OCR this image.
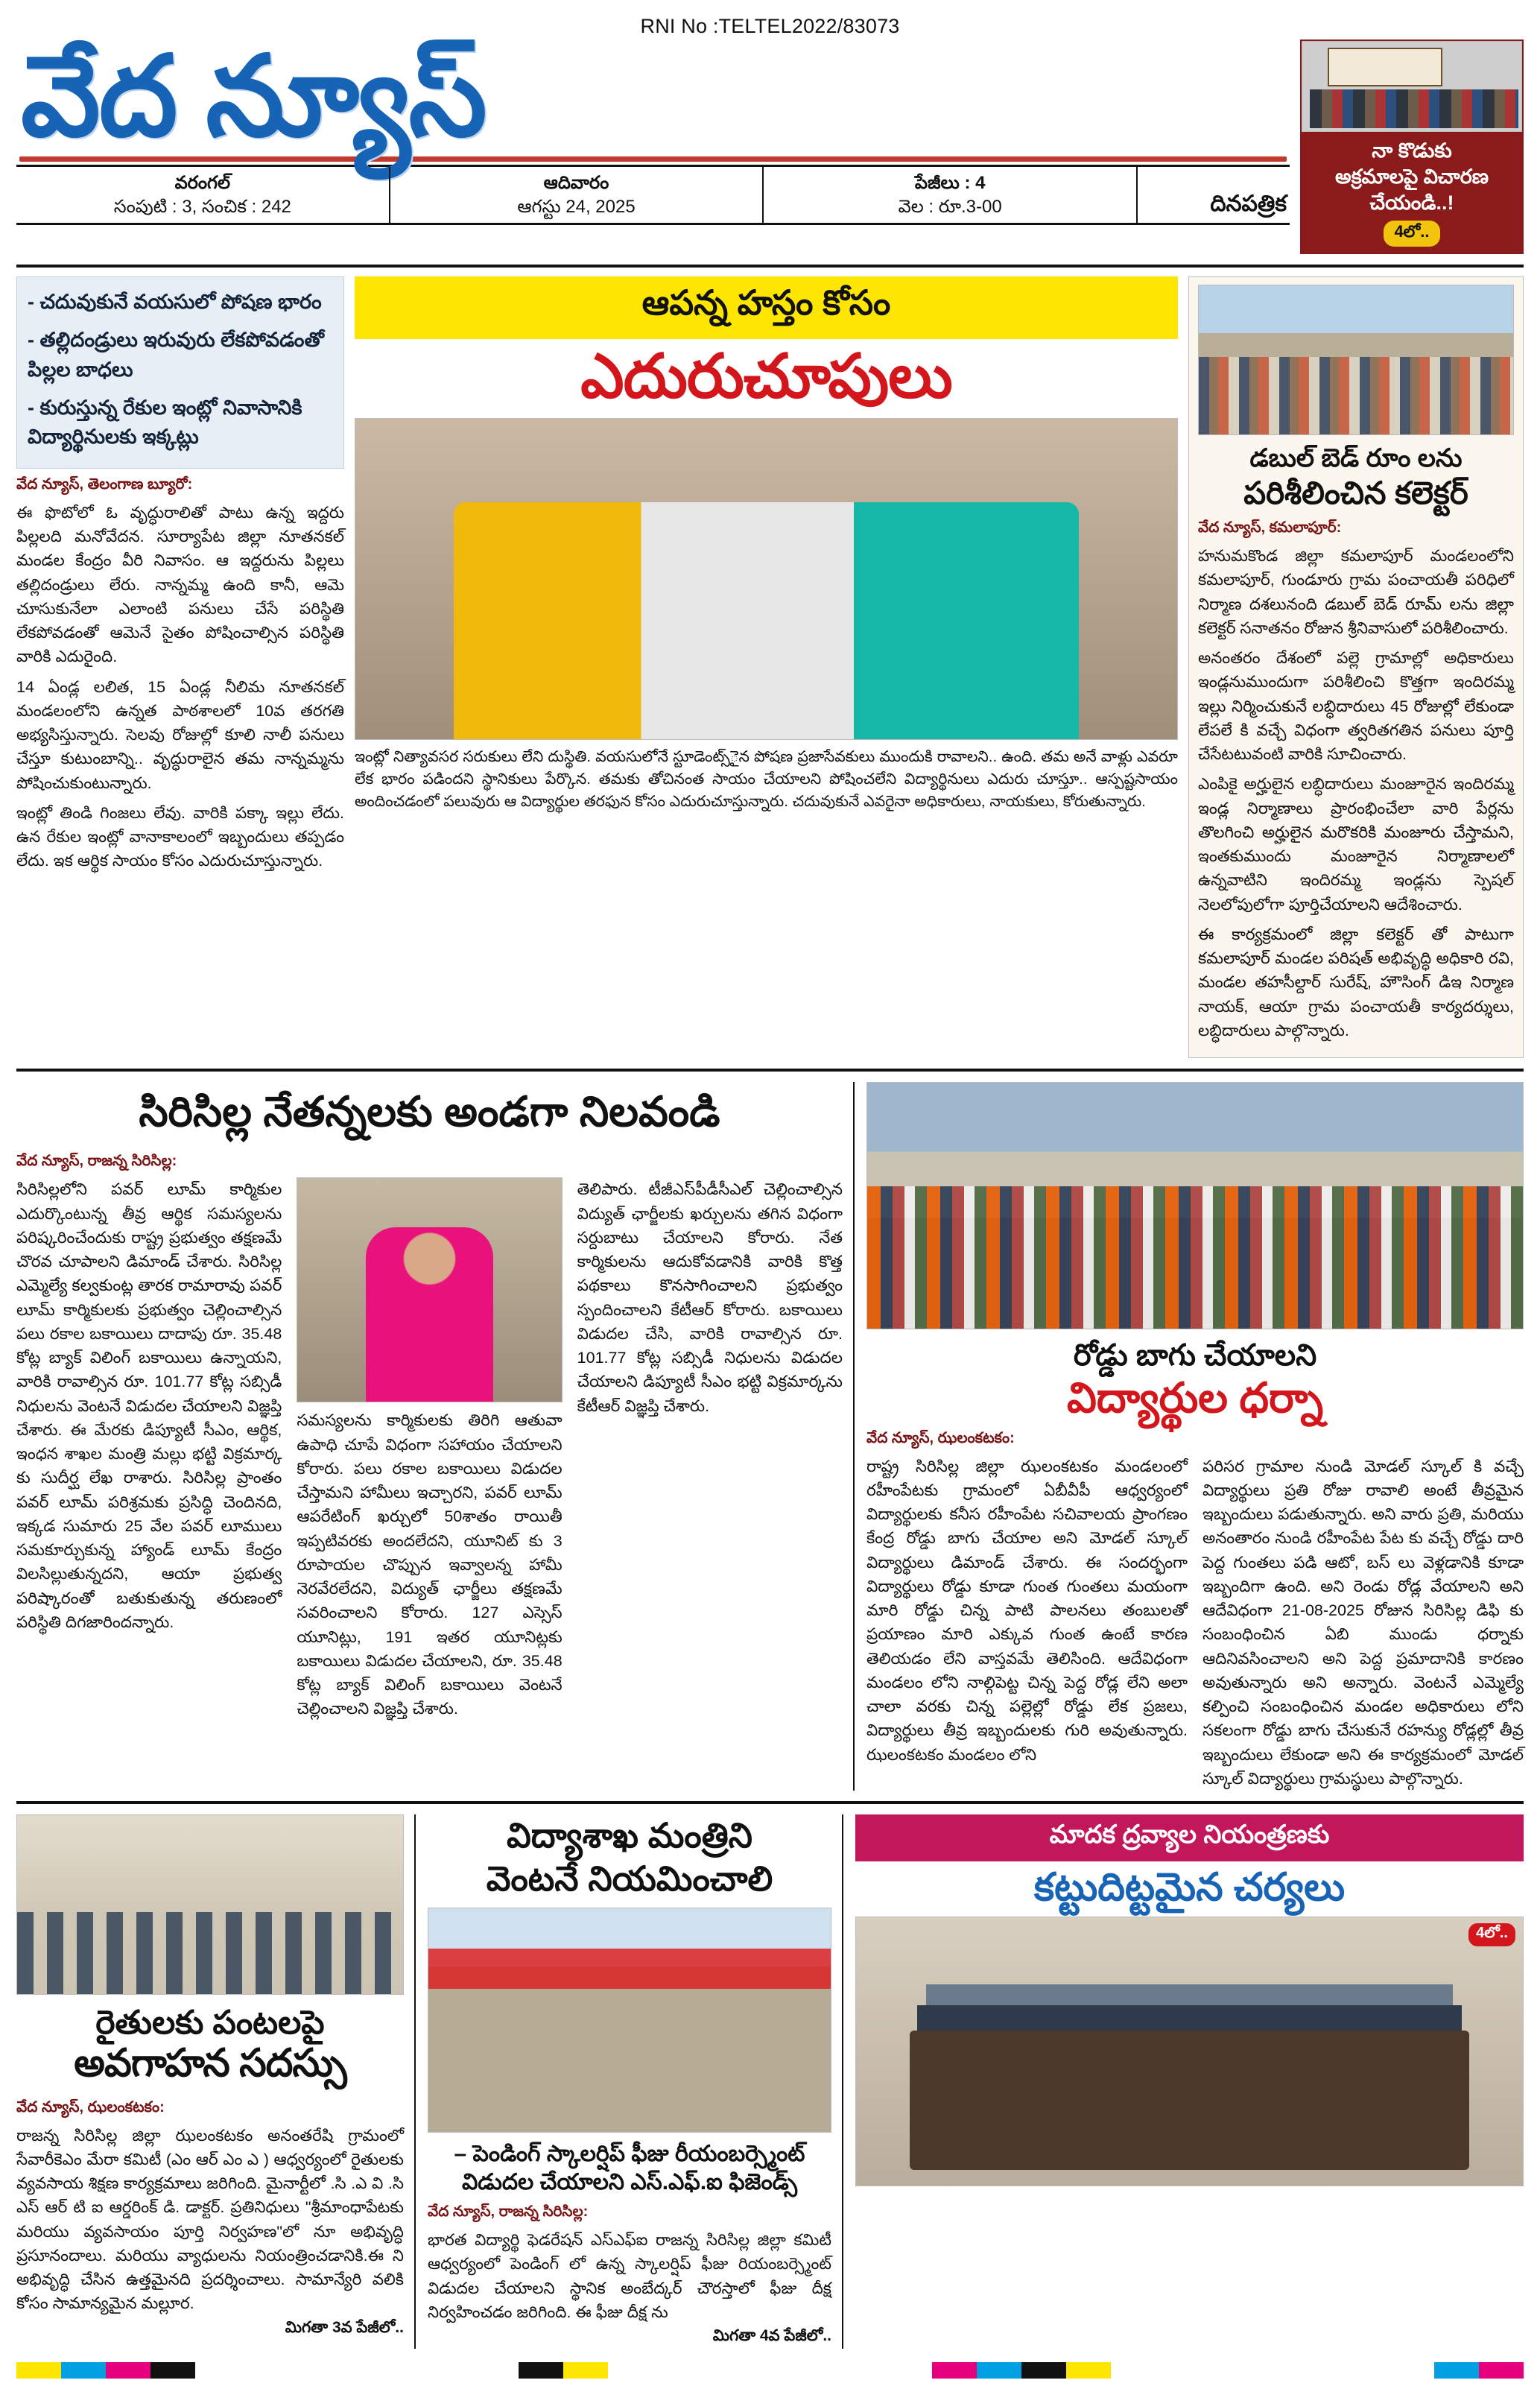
RNI No :TELTEL2022/83073
వేద న్యూస్
వరంగల్
సంపుటి : 3, సంచిక : 242
ఆదివారం
ఆగస్టు 24, 2025
పేజీలు : 4
వెల : రూ.3-00	దినపత్రిక
నా కొడుకు
అక్రమాలపై విచారణ
చేయండి..!
4లో..
- చదువుకునే వయసులో పోషణ భారం
- తల్లిదండ్రులు ఇరువురు లేకపోవడంతో పిల్లల బాధలు
- కురుస్తున్న రేకుల ఇంట్లో నివాసానికి విద్యార్థినులకు ఇక్కట్లు
వేద న్యూస్, తెలంగాణ బ్యూరో:

ఈ ఫొటోలో ఓ వృద్ధురాలితో పాటు ఉన్న ఇద్దరు పిల్లలది మనోవేదన. సూర్యాపేట జిల్లా నూతనకల్ మండల కేంద్రం వీరి నివాసం. ఆ ఇద్దరును పిల్లలు తల్లిదండ్రులు లేరు. నాన్నమ్మ ఉంది కానీ, ఆమె చూసుకునేలా ఎలాంటి పనులు చేసే పరిస్థితి లేకపోవడంతో ఆమెనే సైతం పోషించాల్సిన పరిస్థితి వారికి ఎదురైంది.

14 ఏండ్ల లలిత, 15 ఏండ్ల నీలిమ నూతనకల్ మండలంలోని ఉన్నత పాఠశాలలో 10వ తరగతి అభ్యసిస్తున్నారు. సెలవు రోజుల్లో కూలి నాలీ పనులు చేస్తూ కుటుంబాన్ని.. వృద్ధురాలైన తమ నాన్నమ్మను పోషించుకుంటున్నారు.

ఇంట్లో తిండి గింజలు లేవు. వారికి పక్కా ఇల్లు లేదు. ఉన రేకుల ఇంట్లో వానాకాలంలో ఇబ్బందులు తప్పడం లేదు. ఇక ఆర్థిక సాయం కోసం ఎదురుచూస్తున్నారు.

ఆపన్న హస్తం కోసం
ఎదురుచూపులు
ఇంట్లో నిత్యావసర సరుకులు లేని దుస్థితి. వయసులోనే స్టూడెంట్స్‌ైన పోషణ ప్రజాసేవకులు ముందుకి రావాలని.. ఉంది. తమ అనే వాళ్లు ఎవరూ లేక భారం పడిందని స్థానికులు పేర్కొన. తమకు తోచినంత సాయం చేయాలని పోషించలేని విద్యార్థినులు ఎదురు చూస్తూ.. ఆస్పష్టసాయం అందించడంలో పలువురు ఆ విద్యార్థుల తరఫున కోసం ఎదురుచూస్తున్నారు. చదువుకునే ఎవరైనా అధికారులు, నాయకులు, కోరుతున్నారు.
డబుల్ బెడ్ రూం లను
పరిశీలించిన కలెక్టర్
వేద న్యూస్, కమలాపూర్:

హనుమకొండ జిల్లా కమలాపూర్ మండలంలోని కమలాపూర్, గుండూరు గ్రామ పంచాయతీ పరిధిలో నిర్మాణ దశలునంది డబుల్ బెడ్ రూమ్ లను జిల్లా కలెక్టర్ సనాతనం రోజున శ్రీనివాసులో పరిశీలించారు.

అనంతరం దేశంలో పల్లె గ్రామాల్లో అధికారులు ఇండ్లనుముందుగా పరిశీలించి కొత్తగా ఇందిరమ్మ ఇల్లు నిర్మించుకునే లబ్ధిదారులు 45 రోజుల్లో లేకుండా లేపలే కి వచ్చే విధంగా త్వరితగతిన పనులు పూర్తి చేసేటటువంటి వారికి సూచించారు.

ఎంపికై అర్హులైన లబ్ధిదారులు మంజూరైన ఇందిరమ్మ ఇండ్ల నిర్మాణాలు ప్రారంభించేలా వారి పేర్లను తొలగించి అర్హులైన మరొకరికి మంజూరు చేస్తామని, ఇంతకుముందు మంజూరైన నిర్మాణాలలో ఉన్నవాటిని ఇందిరమ్మ ఇండ్లను స్పెషల్ నెలలోపులోగా పూర్తిచేయాలని ఆదేశించారు.

ఈ కార్యక్రమంలో జిల్లా కలెక్టర్ తో పాటుగా కమలాపూర్ మండల పరిషత్ అభివృద్ధి అధికారి రవి, మండల తహసీల్దార్ సురేష్, హౌసింగ్ డిఇ నిర్మాణ నాయక్, ఆయా గ్రామ పంచాయతీ కార్యదర్శులు, లబ్ధిదారులు పాల్గొన్నారు.

సిరిసిల్ల నేతన్నలకు అండగా నిలవండి
వేద న్యూస్, రాజన్న సిరిసిల్ల:
సిరిసిల్లలోని పవర్ లూమ్ కార్మికుల ఎదుర్కొంటున్న తీవ్ర ఆర్థిక సమస్యలను పరిష్కరించేందుకు రాష్ట్ర ప్రభుత్వం తక్షణమే చొరవ చూపాలని డిమాండ్ చేశారు. సిరిసిల్ల ఎమ్మెల్యే కల్వకుంట్ల తారక రామారావు పవర్ లూమ్ కార్మికులకు ప్రభుత్వం చెల్లించాల్సిన పలు రకాల బకాయిలు దాదాపు రూ. 35.48 కోట్ల బ్యాక్ విలింగ్ బకాయిలు ఉన్నాయని, వారికి రావాల్సిన రూ. 101.77 కోట్ల సబ్సిడీ నిధులను వెంటనే విడుదల చేయాలని విజ్ఞప్తి చేశారు. ఈ మేరకు డిప్యూటీ సీఎం, ఆర్థిక, ఇంధన శాఖల మంత్రి మల్లు భట్టి విక్రమార్క కు సుదీర్ఘ లేఖ రాశారు. సిరిసిల్ల ప్రాంతం పవర్ లూమ్ పరిశ్రమకు ప్రసిద్ధి చెందినది, ఇక్కడ సుమారు 25 వేల పవర్ లూములు సమకూర్చుకున్న హ్యాండ్ లూమ్ కేంద్రం విలసిల్లుతున్నదని, ఆయా ప్రభుత్వ పరిష్కారంతో బతుకుతున్న తరుణంలో పరిస్థితి దిగజారిందన్నారు.
సమస్యలను కార్మికులకు తిరిగి ఆతువా ఉపాధి చూపే విధంగా సహాయం చేయాలని కోరారు. పలు రకాల బకాయిలు విడుదల చేస్తామని హామీలు ఇచ్చారని, పవర్ లూమ్ ఆపరేటింగ్ ఖర్చులో 50శాతం రాయితీ ఇప్పటివరకు అందలేదని, యూనిట్ కు 3 రూపాయల చొప్పున ఇవ్వాలన్న హామీ నెరవేరలేదని, విద్యుత్ ఛార్జీలు తక్షణమే సవరించాలని కోరారు. 127 ఎస్సెస్ యూనిట్లు, 191 ఇతర యూనిట్లకు బకాయిలు విడుదల చేయాలని, రూ. 35.48 కోట్ల బ్యాక్ విలింగ్ బకాయిలు వెంటనే చెల్లించాలని విజ్ఞప్తి చేశారు.
తెలిపారు. టీజీఎస్‌పీడీసీఎల్ చెల్లించాల్సిన విద్యుత్ ఛార్జీలకు ఖర్చులను తగిన విధంగా సర్దుబాటు చేయాలని కోరారు. నేత కార్మికులను ఆదుకోవడానికి వారికి కొత్త పథకాలు కొనసాగించాలని ప్రభుత్వం స్పందించాలని కేటీఆర్ కోరారు. బకాయిలు విడుదల చేసి, వారికి రావాల్సిన రూ. 101.77 కోట్ల సబ్సిడీ నిధులను విడుదల చేయాలని డిప్యూటీ సీఎం భట్టి విక్రమార్కను కేటీఆర్ విజ్ఞప్తి చేశారు.
రోడ్డు బాగు చేయాలని
విద్యార్థుల ధర్నా
వేద న్యూస్, ఝలంకటకం:
రాష్ట్ర సిరిసిల్ల జిల్లా ఝలంకటకం మండలంలో రహీంపేటకు గ్రామంలో ఏబీవీపీ ఆధ్వర్యంలో విద్యార్థులకు కనీస రహీంపేట సచివాలయ ప్రాంగణం కేంద్ర రోడ్డు బాగు చేయాల అని మోడల్ స్కూల్ విద్యార్థులు డిమాండ్ చేశారు. ఈ సందర్భంగా విద్యార్థులు రోడ్డు కూడా గుంత గుంతలు మయంగా మారి రోడ్డు చిన్న పాటి పాలనలు తంబులతో ప్రయాణం మారి ఎక్కువ గుంత ఉంటే కారణ తెలియడం లేని వాస్తవమే తెలిసింది. ఆదేవిధంగా మండలం లోని నాల్గిపెట్ట చిన్న పెద్ద రోడ్ల లేని అలా చాలా వరకు చిన్న పల్లెల్లో రోడ్డు లేక ప్రజలు, విద్యార్థులు తీవ్ర ఇబ్బందులకు గురి అవుతున్నారు. ఝలంకటకం మండలం లోని
పరిసర గ్రామాల నుండి మోడల్ స్కూల్ కి వచ్చే విద్యార్థులు ప్రతి రోజు రావాలి అంటే తీవ్రమైన ఇబ్బందులు పడుతున్నారు. అని వారు ప్రతి, మరియు అనంతారం నుండి రహీంపేట పేట కు వచ్చే రోడ్డు దారి పెద్ద గుంతలు పడి ఆటో, బస్ లు వెళ్లడానికి కూడా ఇబ్బందిగా ఉంది. అని రెండు రోడ్ల వేయాలని అని ఆదేవిధంగా 21-08-2025 రోజున సిరిసిల్ల డిఫి కు సంబంధించిన ఏబి ముండు ధర్నాకు ఆదినివసించాలని అని పెద్ద ప్రమాదానికి కారణం అవుతున్నారు అని అన్నారు. వెంటనే ఎమ్మెల్యే కల్పించి సంబంధించిన మండల అధికారులు లోని సకలంగా రోడ్డు బాగు చేసుకునే రహన్యు రోడ్లల్లో తీవ్ర ఇబ్బందులు లేకుండా అని ఈ కార్యక్రమంలో మోడల్ స్కూల్ విద్యార్థులు గ్రామస్థులు పాల్గొన్నారు.
రైతులకు పంటలపై
అవగాహన సదస్సు
వేద న్యూస్, ఝలంకటకం:
రాజన్న సిరిసిల్ల జిల్లా ఝలంకటకం అనంతరేషి గ్రామంలో సేవారీకెఎం మేరా కమిటీ (ఎం ఆర్ ఎం ఎ ) ఆధ్వర్యంలో రైతులకు వ్యవసాయ శిక్షణ కార్యక్రమాలు జరిగింది. మైనార్టీలో .సి .ఎ వి .సి ఎస్ ఆర్ టి ఐ ఆర్డరింక్ డి. డాక్టర్. ప్రతినిధులు "శ్రీమాంధాపేటకు మరియు వ్యవసాయం పూర్తి నిర్వహణ"లో నూ అభివృద్ధి ప్రసూనందాలు. మరియు వ్యాధులను నియంత్రించడానికి.ఈ ని అభివృద్ధి చేసిన ఉత్తమైనది ప్రదర్శించాలు. సామాన్యేరి వలికి కోసం సామాన్యమైన మల్లూర.
మిగతా 3వ పేజీలో..
విద్యాశాఖ మంత్రిని
వెంటనే నియమించాలి
– పెండింగ్ స్కాలర్షిప్ ఫీజు రీయంబర్స్మెంట్
విడుదల చేయాలని ఎస్.ఎఫ్.ఐ ఫిజెండ్స్
వేద న్యూస్, రాజన్న సిరిసిల్ల:
భారత విద్యార్థి ఫెడరేషన్ ఎస్ఎఫ్ఐ రాజన్న సిరిసిల్ల జిల్లా కమిటీ ఆధ్వర్యంలో పెండింగ్ లో ఉన్న స్కాలర్షిప్ ఫీజు రియంబర్స్మెంట్ విడుదల చేయాలని స్థానిక అంబేద్కర్ చౌరస్తాలో ఫీజు దీక్ష నిర్వహించడం జరిగింది. ఈ ఫీజు దీక్ష ను
మిగతా 4వ పేజీలో..
మాదక ద్రవ్యాల నియంత్రణకు
కట్టుదిట్టమైన చర్యలు
4లో..
